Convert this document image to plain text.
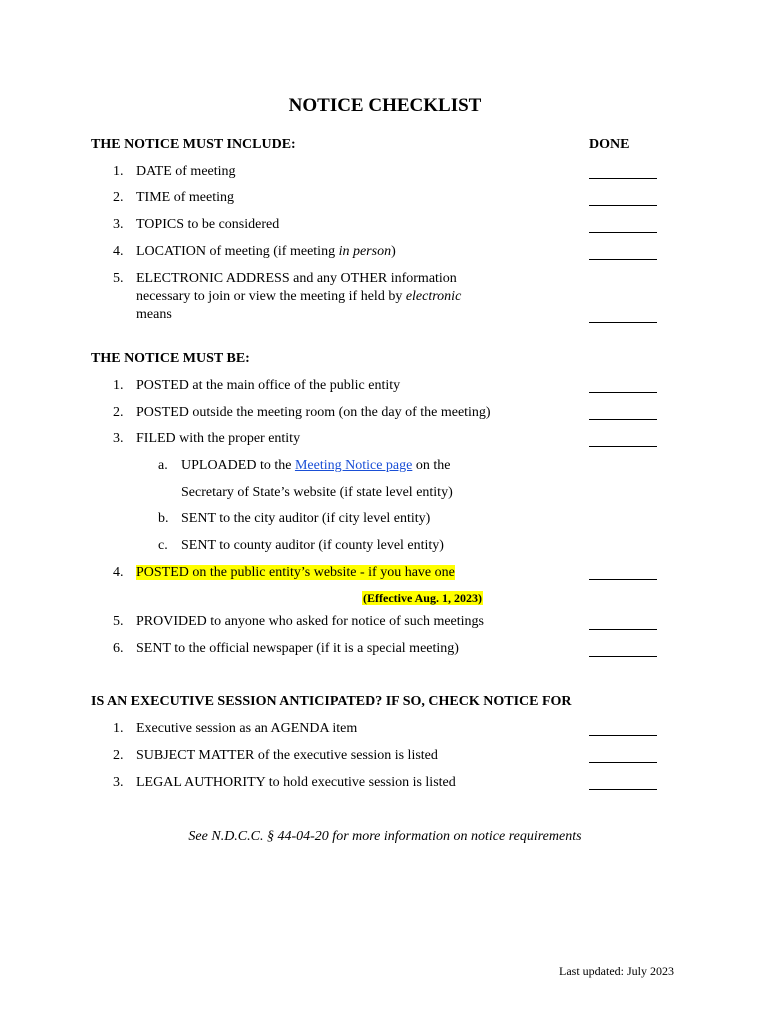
NOTICE CHECKLIST
THE NOTICE MUST INCLUDE:	DONE
1. DATE of meeting
2. TIME of meeting
3. TOPICS to be considered
4. LOCATION of meeting (if meeting in person)
5. ELECTRONIC ADDRESS and any OTHER information necessary to join or view the meeting if held by electronic means
THE NOTICE MUST BE:
1. POSTED at the main office of the public entity
2. POSTED outside the meeting room (on the day of the meeting)
3. FILED with the proper entity
a. UPLOADED to the Meeting Notice page on the
Secretary of State’s website (if state level entity)
b. SENT to the city auditor (if city level entity)
c. SENT to county auditor (if county level entity)
4. POSTED on the public entity’s website - if you have one
(Effective Aug. 1, 2023)
5. PROVIDED to anyone who asked for notice of such meetings
6. SENT to the official newspaper (if it is a special meeting)
IS AN EXECUTIVE SESSION ANTICIPATED? IF SO, CHECK NOTICE FOR
1. Executive session as an AGENDA item
2. SUBJECT MATTER of the executive session is listed
3. LEGAL AUTHORITY to hold executive session is listed
See N.D.C.C. § 44-04-20 for more information on notice requirements
Last updated: July 2023
